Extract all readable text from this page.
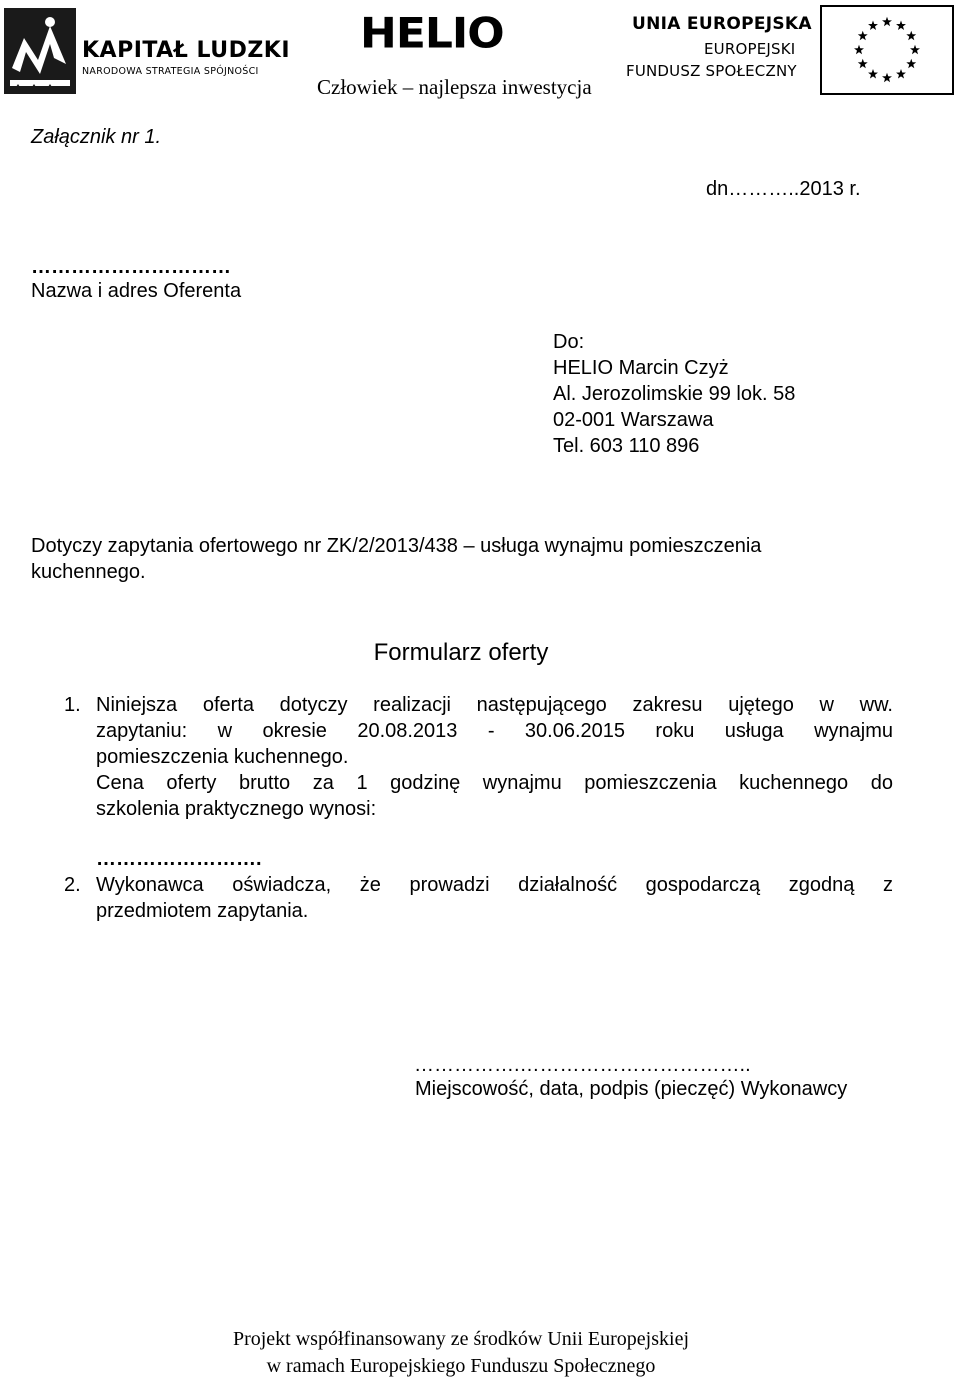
KAPITAŁ LUDZKI
NARODOWA STRATEGIA SPÓJNOŚCI
HELIO
Człowiek – najlepsza inwestycja
UNIA EUROPEJSKA
EUROPEJSKI
FUNDUSZ SPOŁECZNY
Załącznik nr 1.
dn………..2013 r.
…………………………
Nazwa i adres Oferenta
Do:
HELIO Marcin Czyż
Al. Jerozolimskie 99 lok. 58
02-001 Warszawa
Tel. 603 110 896
Dotyczy zapytania ofertowego nr ZK/2/2013/438 – usługa wynajmu pomieszczenia
kuchennego.
Formularz oferty
1. Niniejsza oferta dotyczy realizacji następującego zakresu ujętego w ww.
zapytaniu: w okresie 20.08.2013 - 30.06.2015 roku usługa wynajmu
pomieszczenia kuchennego.
Cena oferty brutto za 1 godzinę wynajmu pomieszczenia kuchennego do
szkolenia praktycznego wynosi:
…………………….
2. Wykonawca oświadcza, że prowadzi działalność gospodarczą zgodną z
przedmiotem zapytania.
…………….……………………………..
Miejscowość, data, podpis (pieczęć) Wykonawcy
Projekt współfinansowany ze środków Unii Europejskiej
w ramach Europejskiego Funduszu Społecznego
